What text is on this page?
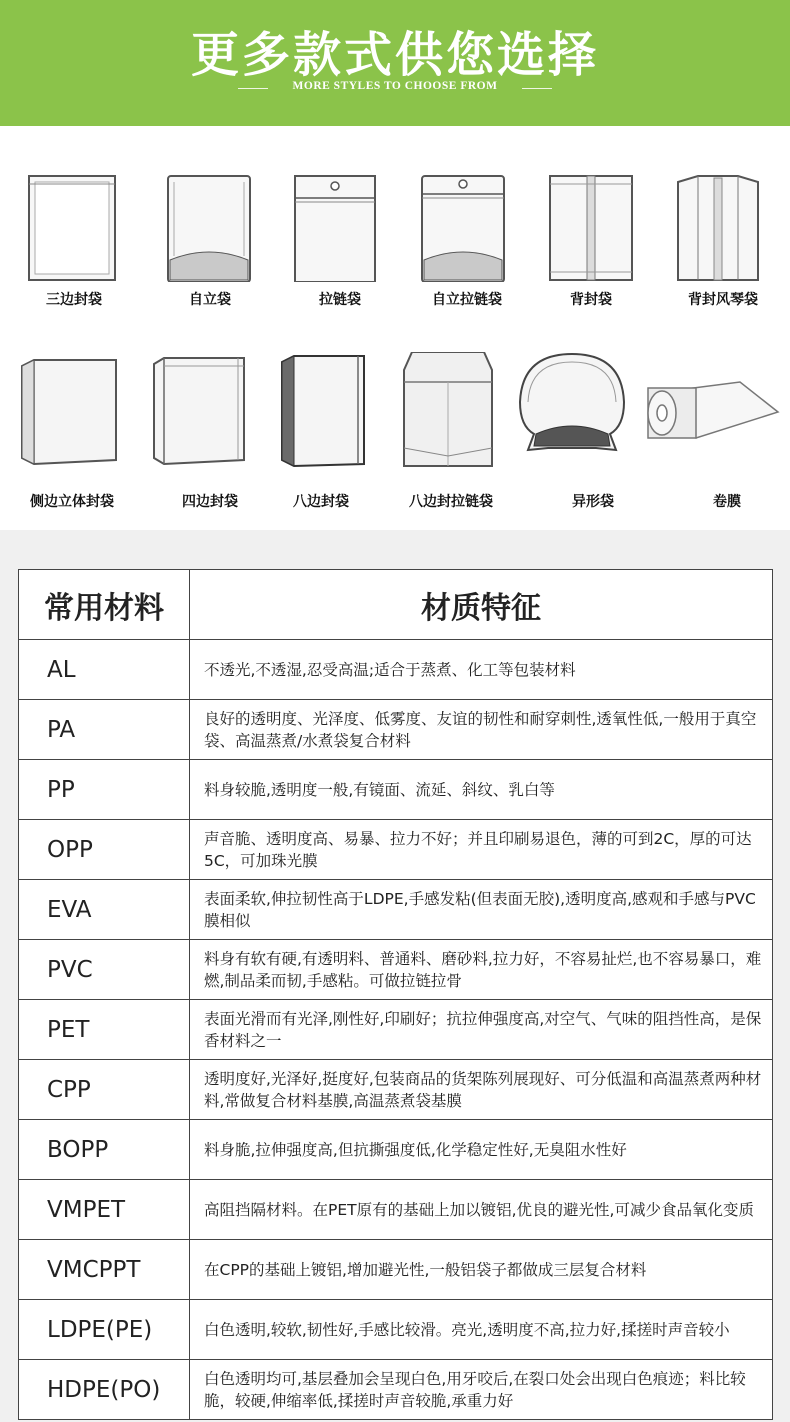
更多款式供您选择
MORE STYLES TO CHOOSE FROM
三边封袋	自立袋	拉链袋	自立拉链袋	背封袋	背封风琴袋
侧边立体封袋	四边封袋	八边封袋	八边封拉链袋	异形袋	卷膜
常用材料	材质特征
AL	不透光,不透湿,忍受高温;适合于蒸煮、化工等包装材料
PA	良好的透明度、光泽度、低雾度、友谊的韧性和耐穿刺性,透氧性低,一般用于真空袋、高温蒸煮/水煮袋复合材料
PP	料身较脆,透明度一般,有镜面、流延、斜纹、乳白等
OPP	声音脆、透明度高、易暴、拉力不好；并且印刷易退色，薄的可到2C，厚的可达5C，可加珠光膜
EVA	表面柔软,伸拉韧性高于LDPE,手感发粘(但表面无胶),透明度高,感观和手感与PVC膜相似
PVC	料身有软有硬,有透明料、普通料、磨砂料,拉力好，不容易扯烂,也不容易暴口，难燃,制品柔而韧,手感粘。可做拉链拉骨
PET	表面光滑而有光泽,刚性好,印刷好；抗拉伸强度高,对空气、气味的阻挡性高，是保香材料之一
CPP	透明度好,光泽好,挺度好,包装商品的货架陈列展现好、可分低温和高温蒸煮两种材料,常做复合材料基膜,高温蒸煮袋基膜
BOPP	料身脆,拉伸强度高,但抗撕强度低,化学稳定性好,无臭阻水性好
VMPET	高阻挡隔材料。在PET原有的基础上加以镀铝,优良的避光性,可减少食品氧化变质
VMCPPT	在CPP的基础上镀铝,增加避光性,一般铝袋子都做成三层复合材料
LDPE(PE)	白色透明,较软,韧性好,手感比较滑。亮光,透明度不高,拉力好,揉搓时声音较小
HDPE(PO)	白色透明均可,基层叠加会呈现白色,用牙咬后,在裂口处会出现白色痕迹；料比较脆，较硬,伸缩率低,揉搓时声音较脆,承重力好
